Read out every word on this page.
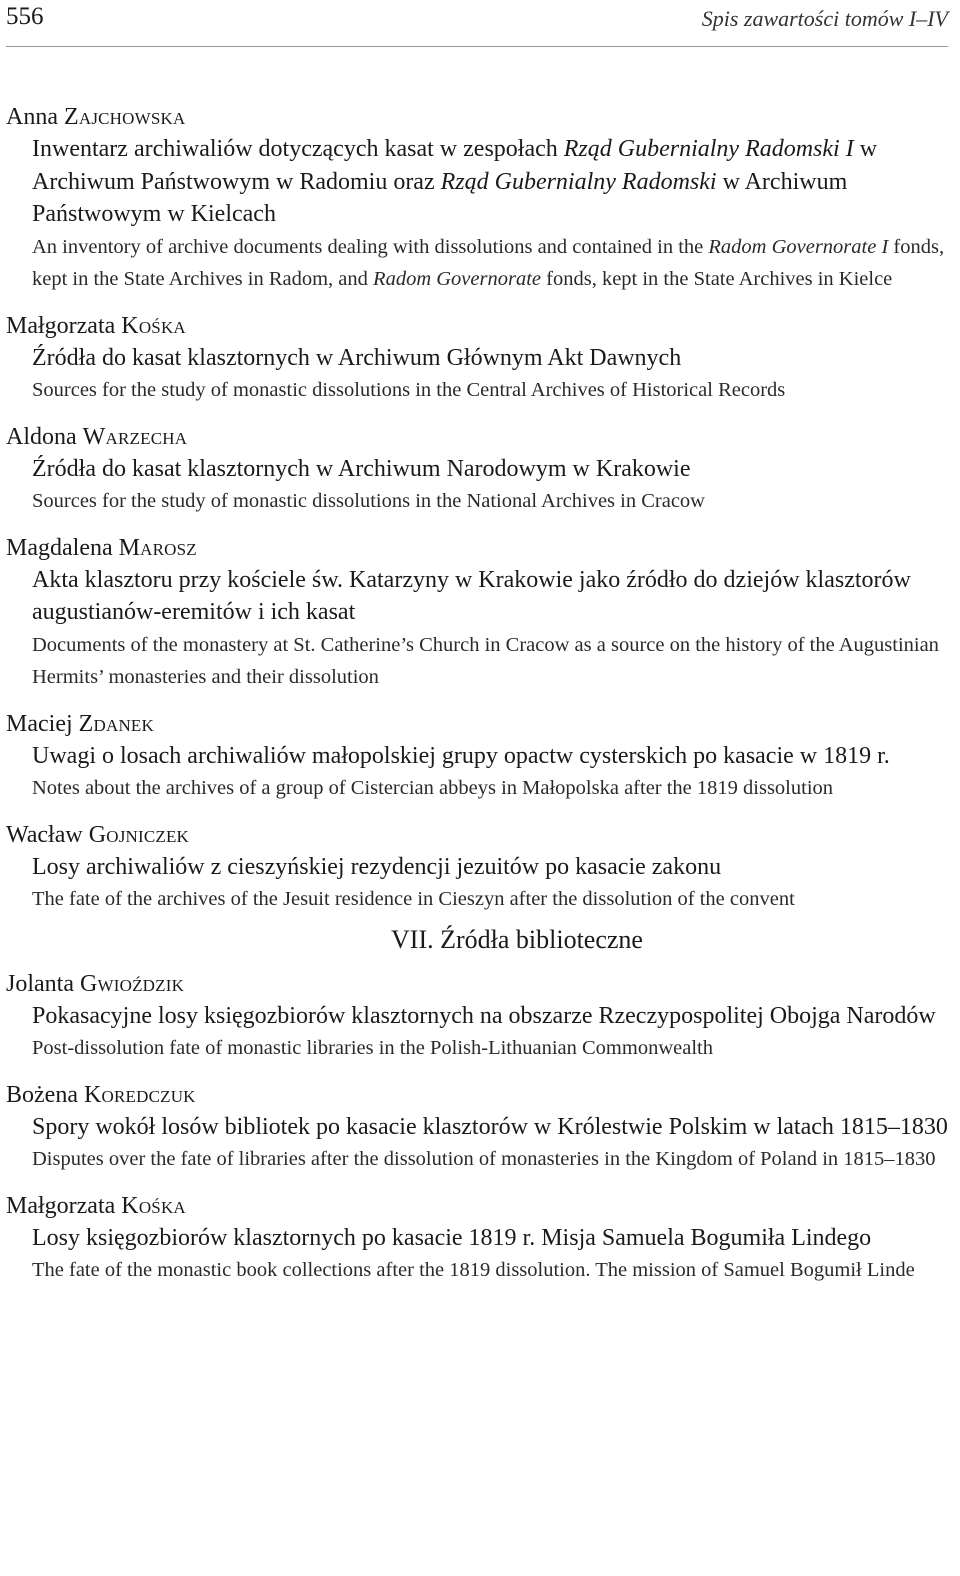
556	Spis zawartości tomów I–IV
Anna Zajchowska
Inwentarz archiwaliów dotyczących kasat w zespołach Rząd Gubernialny Radomski I w Archiwum Państwowym w Radomiu oraz Rząd Gubernialny Radomski w Archiwum Państwowym w Kielcach
An inventory of archive documents dealing with dissolutions and contained in the Radom Governorate I fonds, kept in the State Archives in Radom, and Radom Governorate fonds, kept in the State Archives in Kielce
Małgorzata Kośka
Źródła do kasat klasztornych w Archiwum Głównym Akt Dawnych
Sources for the study of monastic dissolutions in the Central Archives of Historical Records
Aldona Warzecha
Źródła do kasat klasztornych w Archiwum Narodowym w Krakowie
Sources for the study of monastic dissolutions in the National Archives in Cracow
Magdalena Marosz
Akta klasztoru przy kościele św. Katarzyny w Krakowie jako źródło do dziejów klasztorów augustianów-eremitów i ich kasat
Documents of the monastery at St. Catherine’s Church in Cracow as a source on the history of the Augustinian Hermits’ monasteries and their dissolution
Maciej Zdanek
Uwagi o losach archiwaliów małopolskiej grupy opactw cysterskich po kasacie w 1819 r.
Notes about the archives of a group of Cistercian abbeys in Małopolska after the 1819 dissolution
Wacław Gojniczek
Losy archiwaliów z cieszyńskiej rezydencji jezuitów po kasacie zakonu
The fate of the archives of the Jesuit residence in Cieszyn after the dissolution of the convent
VII. Źródła biblioteczne
Jolanta Gwioździk
Pokasacyjne losy księgozbiorów klasztornych na obszarze Rzeczypospolitej Obojga Narodów
Post-dissolution fate of monastic libraries in the Polish-Lithuanian Commonwealth
Bożena Koredczuk
Spory wokół losów bibliotek po kasacie klasztorów w Królestwie Polskim w latach 1815–1830
Disputes over the fate of libraries after the dissolution of monasteries in the Kingdom of Poland in 1815–1830
Małgorzata Kośka
Losy księgozbiorów klasztornych po kasacie 1819 r. Misja Samuela Bogumiła Lindego
The fate of the monastic book collections after the 1819 dissolution. The mission of Samuel Bogumił Linde
